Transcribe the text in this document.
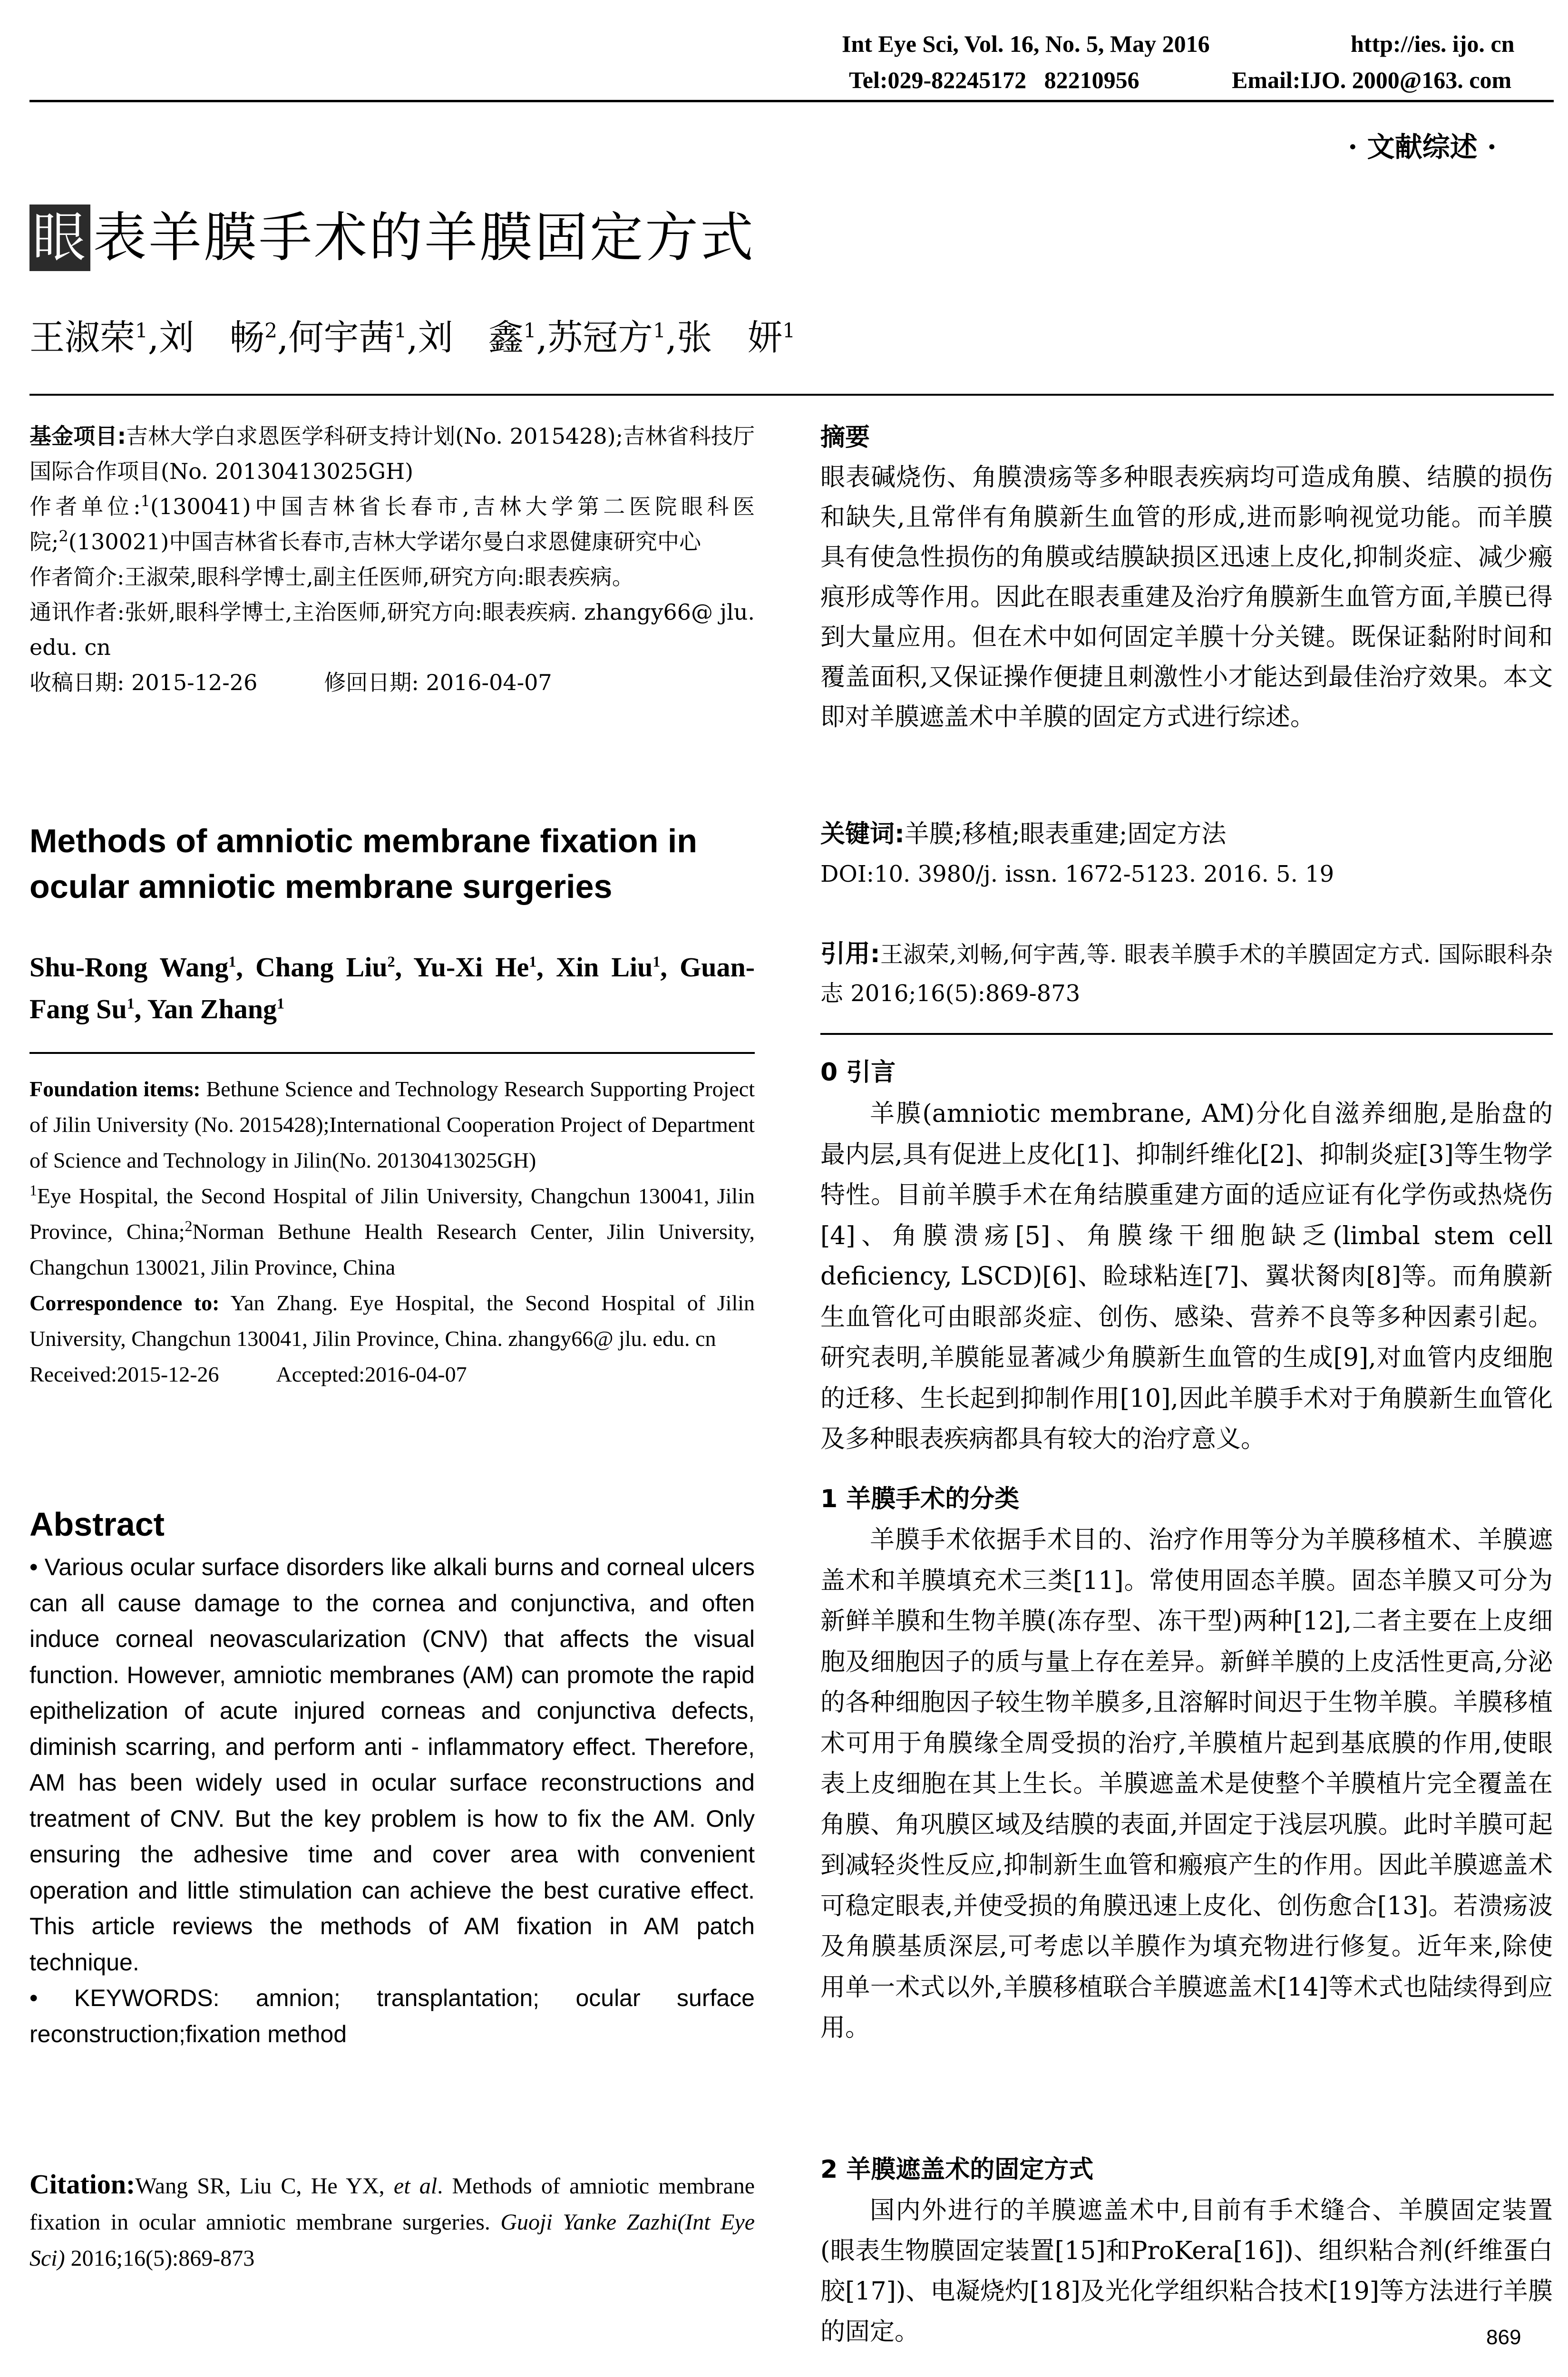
Int Eye Sci, Vol. 16, No. 5, May 2016	http://ies. ijo. cn
Tel:029-82245172   82210956	Email:IJO. 2000@163. com
· 文献综述 ·
眼 表羊膜手术的羊膜固定方式
王淑荣$^1$,刘　畅$^2$,何宇茜$^1$,刘　鑫$^1$,苏冠方$^1$,张　妍$^1$

基金项目:吉林大学白求恩医学科研支持计划(No. 2015428);吉林省科技厅国际合作项目(No. 20130413025GH)

作者单位:$^1$(130041)中国吉林省长春市,吉林大学第二医院眼科医院;$^2$(130021)中国吉林省长春市,吉林大学诺尔曼白求恩健康研究中心

作者简介:王淑荣,眼科学博士,副主任医师,研究方向:眼表疾病。

通讯作者:张妍,眼科学博士,主治医师,研究方向:眼表疾病. zhangy66@ jlu. edu. cn

收稿日期: 2015-12-26	修回日期: 2016-04-07

Methods of amniotic membrane fixation in ocular amniotic membrane surgeries
Shu-Rong Wang$^1$, Chang Liu$^2$, Yu-Xi He$^1$, Xin Liu$^1$, Guan-Fang Su$^1$, Yan Zhang$^1$

Foundation items: Bethune Science and Technology Research Supporting Project of Jilin University (No. 2015428);International Cooperation Project of Department of Science and Technology in Jilin(No. 20130413025GH)

$^1$Eye Hospital, the Second Hospital of Jilin University, Changchun 130041, Jilin Province, China;$^2$Norman Bethune Health Research Center, Jilin University, Changchun 130021, Jilin Province, China

Correspondence to: Yan Zhang. Eye Hospital, the Second Hospital of Jilin University, Changchun 130041, Jilin Province, China. zhangy66@ jlu. edu. cn

Received:2015-12-26	Accepted:2016-04-07

Abstract

• Various ocular surface disorders like alkali burns and corneal ulcers can all cause damage to the cornea and conjunctiva, and often induce corneal neovascularization (CNV) that affects the visual function. However, amniotic membranes (AM) can promote the rapid epithelization of acute injured corneas and conjunctiva defects, diminish scarring, and perform anti - inflammatory effect. Therefore, AM has been widely used in ocular surface reconstructions and treatment of CNV. But the key problem is how to fix the AM. Only ensuring the adhesive time and cover area with convenient operation and little stimulation can achieve the best curative effect. This article reviews the methods of AM fixation in AM patch technique.

• KEYWORDS: amnion; transplantation; ocular surface reconstruction;fixation method

Citation:Wang SR, Liu C, He YX, et al. Methods of amniotic membrane fixation in ocular amniotic membrane surgeries. Guoji Yanke Zazhi(Int Eye Sci) 2016;16(5):869-873
摘要
眼表碱烧伤、角膜溃疡等多种眼表疾病均可造成角膜、结膜的损伤和缺失,且常伴有角膜新生血管的形成,进而影响视觉功能。而羊膜具有使急性损伤的角膜或结膜缺损区迅速上皮化,抑制炎症、减少瘢痕形成等作用。因此在眼表重建及治疗角膜新生血管方面,羊膜已得到大量应用。但在术中如何固定羊膜十分关键。既保证黏附时间和覆盖面积,又保证操作便捷且刺激性小才能达到最佳治疗效果。本文即对羊膜遮盖术中羊膜的固定方式进行综述。
关键词:羊膜;移植;眼表重建;固定方法
DOI:10. 3980/j. issn. 1672-5123. 2016. 5. 19
引用:王淑荣,刘畅,何宇茜,等. 眼表羊膜手术的羊膜固定方式. 国际眼科杂志 2016;16(5):869-873
0 引言
羊膜(amniotic membrane, AM)分化自滋养细胞,是胎盘的最内层,具有促进上皮化[1]、抑制纤维化[2]、抑制炎症[3]等生物学特性。目前羊膜手术在角结膜重建方面的适应证有化学伤或热烧伤[4]、角膜溃疡[5]、角膜缘干细胞缺乏(limbal stem cell deficiency, LSCD)[6]、睑球粘连[7]、翼状胬肉[8]等。而角膜新生血管化可由眼部炎症、创伤、感染、营养不良等多种因素引起。研究表明,羊膜能显著减少角膜新生血管的生成[9],对血管内皮细胞的迁移、生长起到抑制作用[10],因此羊膜手术对于角膜新生血管化及多种眼表疾病都具有较大的治疗意义。
1 羊膜手术的分类
羊膜手术依据手术目的、治疗作用等分为羊膜移植术、羊膜遮盖术和羊膜填充术三类[11]。常使用固态羊膜。固态羊膜又可分为新鲜羊膜和生物羊膜(冻存型、冻干型)两种[12],二者主要在上皮细胞及细胞因子的质与量上存在差异。新鲜羊膜的上皮活性更高,分泌的各种细胞因子较生物羊膜多,且溶解时间迟于生物羊膜。羊膜移植术可用于角膜缘全周受损的治疗,羊膜植片起到基底膜的作用,使眼表上皮细胞在其上生长。羊膜遮盖术是使整个羊膜植片完全覆盖在角膜、角巩膜区域及结膜的表面,并固定于浅层巩膜。此时羊膜可起到减轻炎性反应,抑制新生血管和瘢痕产生的作用。因此羊膜遮盖术可稳定眼表,并使受损的角膜迅速上皮化、创伤愈合[13]。若溃疡波及角膜基质深层,可考虑以羊膜作为填充物进行修复。近年来,除使用单一术式以外,羊膜移植联合羊膜遮盖术[14]等术式也陆续得到应用。
2 羊膜遮盖术的固定方式
国内外进行的羊膜遮盖术中,目前有手术缝合、羊膜固定装置(眼表生物膜固定装置[15]和ProKera[16])、组织粘合剂(纤维蛋白胶[17])、电凝烧灼[18]及光化学组织粘合技术[19]等方法进行羊膜的固定。	869
